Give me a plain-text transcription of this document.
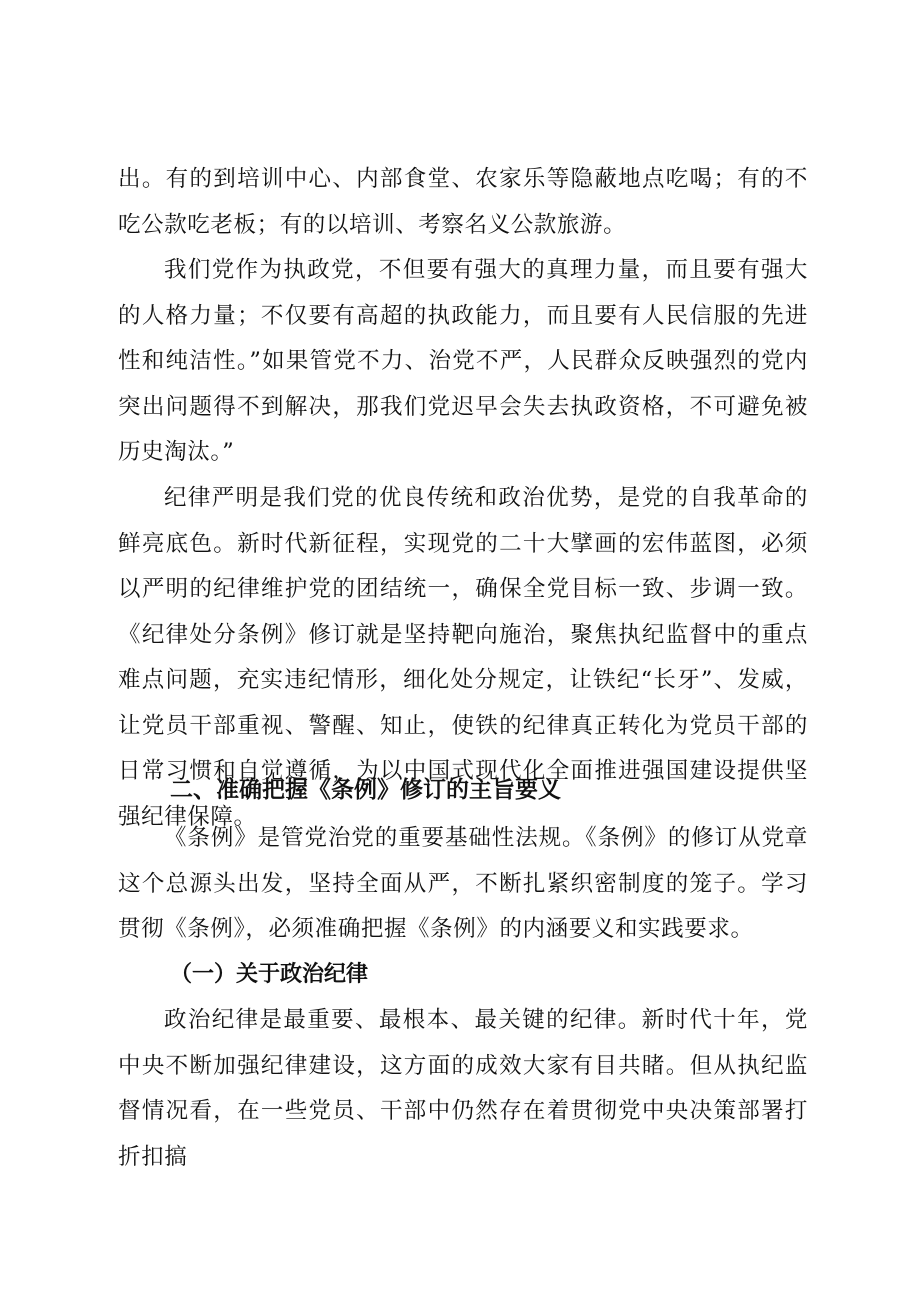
出。有的到培训中心、内部食堂、农家乐等隐蔽地点吃喝；有的不吃公款吃老板；有的以培训、考察名义公款旅游。

我们党作为执政党，不但要有强大的真理力量，而且要有强大的人格力量；不仅要有高超的执政能力，而且要有人民信服的先进性和纯洁性。”如果管党不力、治党不严，人民群众反映强烈的党内突出问题得不到解决，那我们党迟早会失去执政资格，不可避免被历史淘汰。”

纪律严明是我们党的优良传统和政治优势，是党的自我革命的鲜亮底色。新时代新征程，实现党的二十大擘画的宏伟蓝图，必须以严明的纪律维护党的团结统一，确保全党目标一致、步调一致。《纪律处分条例》修订就是坚持靶向施治，聚焦执纪监督中的重点难点问题，充实违纪情形，细化处分规定，让铁纪“长牙”、发威，让党员干部重视、警醒、知止，使铁的纪律真正转化为党员干部的日常习惯和自觉遵循，为以中国式现代化全面推进强国建设提供坚强纪律保障。

二、准确把握《条例》修订的主旨要义

《条例》是管党治党的重要基础性法规。《条例》的修订从党章这个总源头出发，坚持全面从严，不断扎紧织密制度的笼子。学习贯彻《条例》，必须准确把握《条例》的内涵要义和实践要求。

（一）关于政治纪律

政治纪律是最重要、最根本、最关键的纪律。新时代十年，党中央不断加强纪律建设，这方面的成效大家有目共睹。但从执纪监督情况看，在一些党员、干部中仍然存在着贯彻党中央决策部署打折扣搞
